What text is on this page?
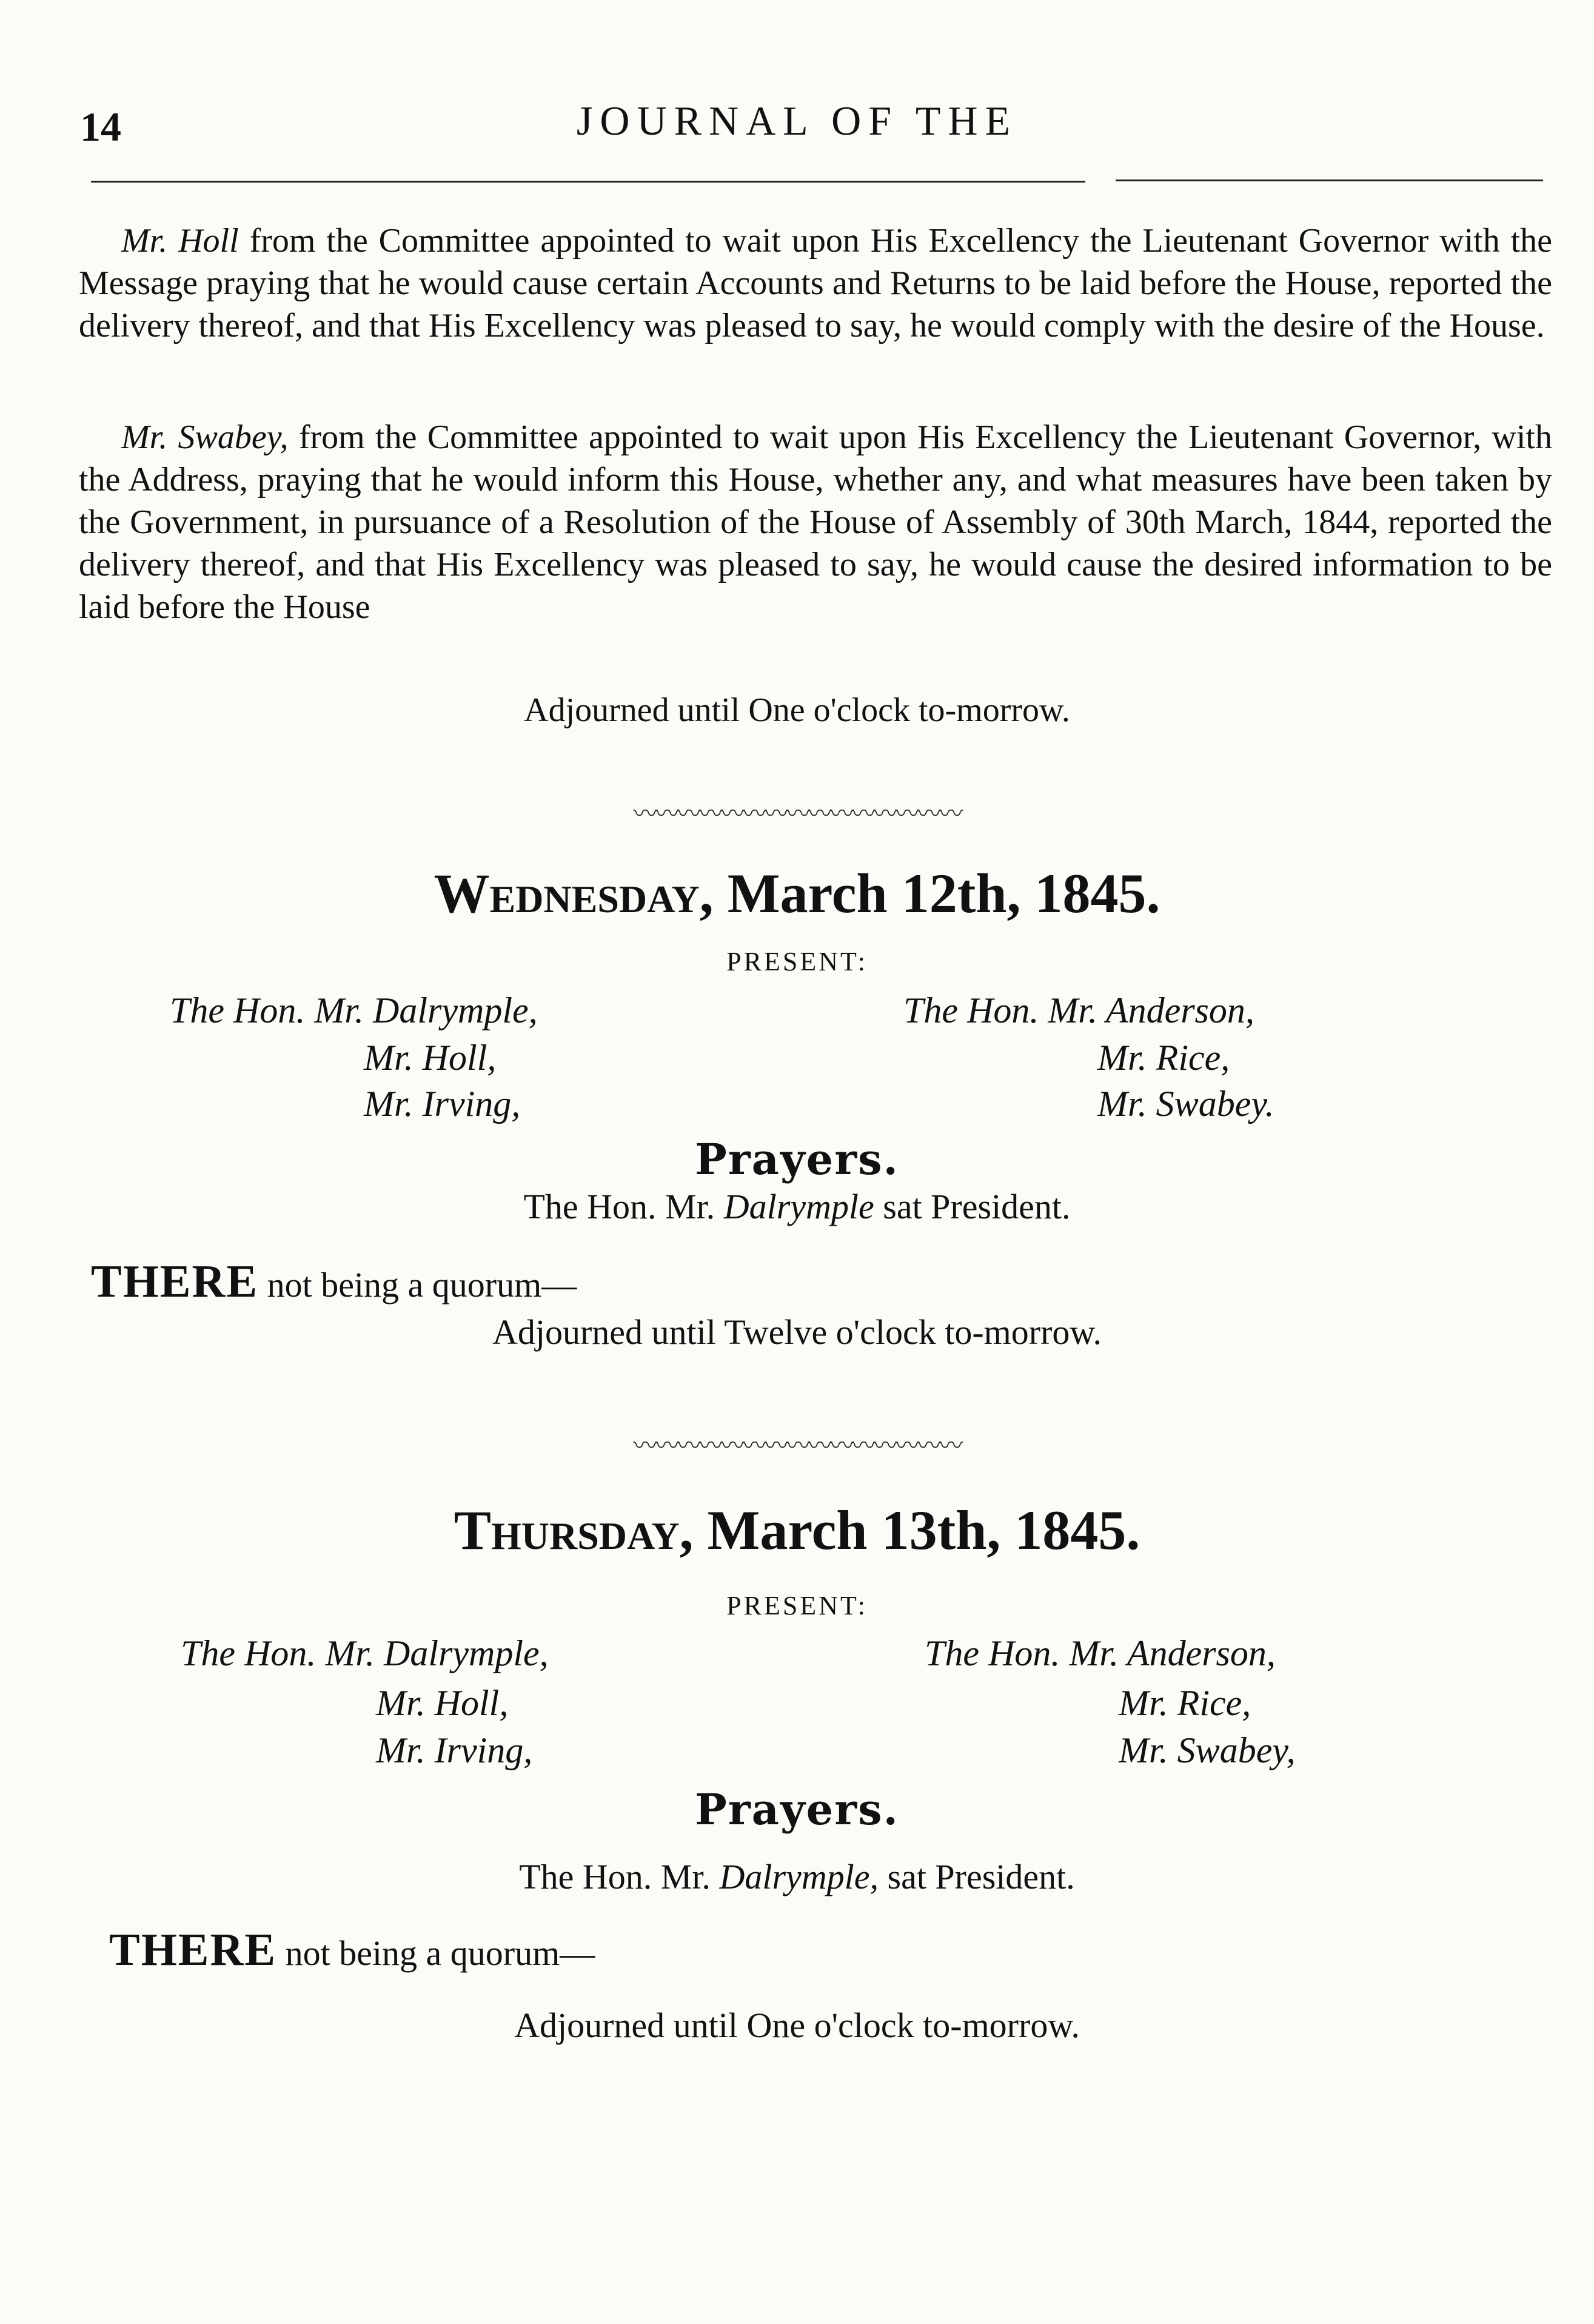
14	JOURNAL OF THE

Mr. Holl from the Committee appointed to wait upon His Excellency the Lieutenant Governor with the Message praying that he would cause certain Accounts and Returns to be laid before the House, reported the delivery thereof, and that His Excellency was pleased to say, he would comply with the desire of the House.

Mr. Swabey, from the Committee appointed to wait upon His Excellency the Lieutenant Governor, with the Address, praying that he would inform this House, whether any, and what measures have been taken by the Government, in pursuance of a Resolution of the House of Assembly of 30th March, 1844, reported the delivery thereof, and that His Excellency was pleased to say, he would cause the desired information to be laid before the House

Adjourned until One o'clock to-morrow.
〰〰〰〰〰〰〰〰〰〰〰〰〰〰〰
Wednesday, March 12th, 1845.
PRESENT:
The Hon. Mr. Dalrymple,
Mr. Holl,
Mr. Irving,
The Hon. Mr. Anderson,
Mr. Rice,
Mr. Swabey.
Prayers.
The Hon. Mr. Dalrymple sat President.
THERE not being a quorum—
Adjourned until Twelve o'clock to-morrow.
〰〰〰〰〰〰〰〰〰〰〰〰〰〰〰
Thursday, March 13th, 1845.
PRESENT:
The Hon. Mr. Dalrymple,
Mr. Holl,
Mr. Irving,
The Hon. Mr. Anderson,
Mr. Rice,
Mr. Swabey,
Prayers.
The Hon. Mr. Dalrymple, sat President.
THERE not being a quorum—
Adjourned until One o'clock to-morrow.
